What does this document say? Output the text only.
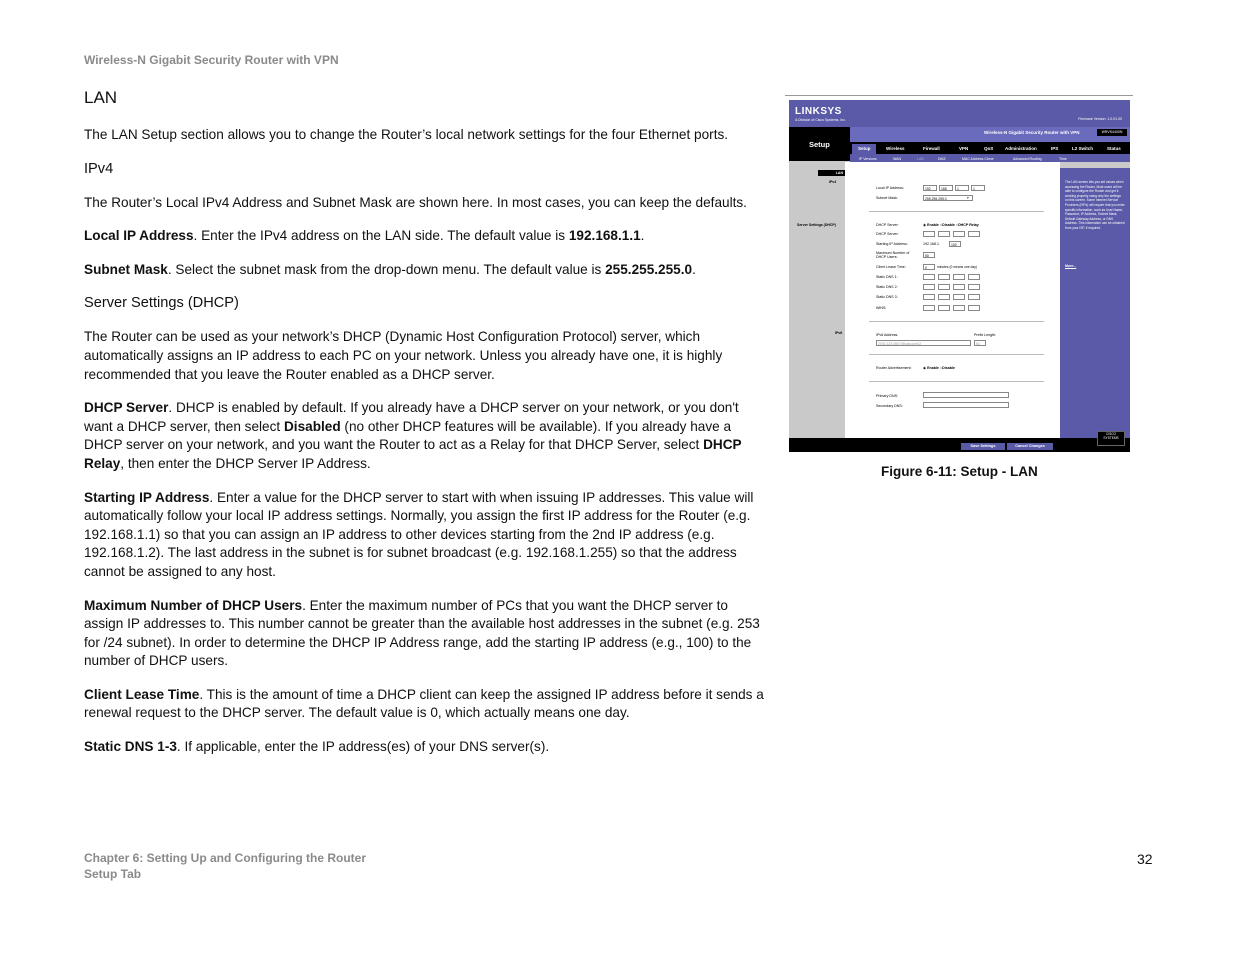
Wireless-N Gigabit Security Router with VPN
LAN

The LAN Setup section allows you to change the Router’s local network settings for the four Ethernet ports.

IPv4

The Router’s Local IPv4 Address and Subnet Mask are shown here. In most cases, you can keep the defaults.

Local IP Address. Enter the IPv4 address on the LAN side. The default value is 192.168.1.1.

Subnet Mask. Select the subnet mask from the drop-down menu. The default value is 255.255.255.0.

Server Settings (DHCP)

The Router can be used as your network’s DHCP (Dynamic Host Configuration Protocol) server, which automatically assigns an IP address to each PC on your network. Unless you already have one, it is highly recommended that you leave the Router enabled as a DHCP server.

DHCP Server. DHCP is enabled by default. If you already have a DHCP server on your network, or you don't want a DHCP server, then select Disabled (no other DHCP features will be available). If you already have a DHCP server on your network, and you want the Router to act as a Relay for that DHCP Server, select DHCP Relay, then enter the DHCP Server IP Address.

Starting IP Address. Enter a value for the DHCP server to start with when issuing IP addresses. This value will automatically follow your local IP address settings. Normally, you assign the first IP address for the Router (e.g. 192.168.1.1) so that you can assign an IP address to other devices starting from the 2nd IP address (e.g. 192.168.1.2). The last address in the subnet is for subnet broadcast (e.g. 192.168.1.255) so that the address cannot be assigned to any host.

Maximum Number of DHCP Users. Enter the maximum number of PCs that you want the DHCP server to assign IP addresses to. This number cannot be greater than the available host addresses in the subnet (e.g. 253 for /24 subnet). In order to determine the DHCP IP Address range, add the starting IP address (e.g., 100) to the number of DHCP users.

Client Lease Time. This is the amount of time a DHCP client can keep the assigned IP address before it sends a renewal request to the DHCP server. The default value is 0, which actually means one day.

Static DNS 1-3. If applicable, enter the IP address(es) of your DNS server(s).

LINKSYS
A Division of Cisco Systems, Inc.	Firmware Version: 1.0.01.00
Setup
Wireless-N Gigabit Security Router with VPN	WRVS4400N
Setup	Wireless	Firewall	VPN	QoS	Administration	IPS	L2 Switch	Status
IP Versions	WAN	LAN	DMZ	MAC Address Clone	Advanced Routing	Time
LAN
IPv4
Server Settings (DHCP)
IPv6
Local IP Address:	192	168	1	1
Subnet Mask:	255.255.255.0	▾
DHCP Server:	◉ Enable ○Disable ○DHCP Relay
DHCP Server:
Starting IP Address:	192.168.1.	100
Maximum Number of DHCP Users:	50
Client Lease Time:	0	minutes (0 means one day)
Static DNS 1:
Static DNS 2:
Static DNS 3:
WINS:
IPv6 Address:	Prefix Length:
2001:123:456:789:abcd:ef12	64
Router Advertisement:	◉ Enable ○Disable
Primary DNS:
Secondary DNS:
The LAN screen lets you set values when accessing the Router. Most users will be able to configure the Router and get it working properly using only the settings on this screen. Some Internet Service Providers (ISPs) will require that you enter specific information, such as User Name, Password, IP Address, Subnet Mask, Default Gateway Address, or DNS Address. This information can be obtained from your ISP, if required.
More...
Save Settings	Cancel Changes
CISCO SYSTEMS
Figure 6-11: Setup - LAN
Chapter 6: Setting Up and Configuring the Router
Setup Tab
32
